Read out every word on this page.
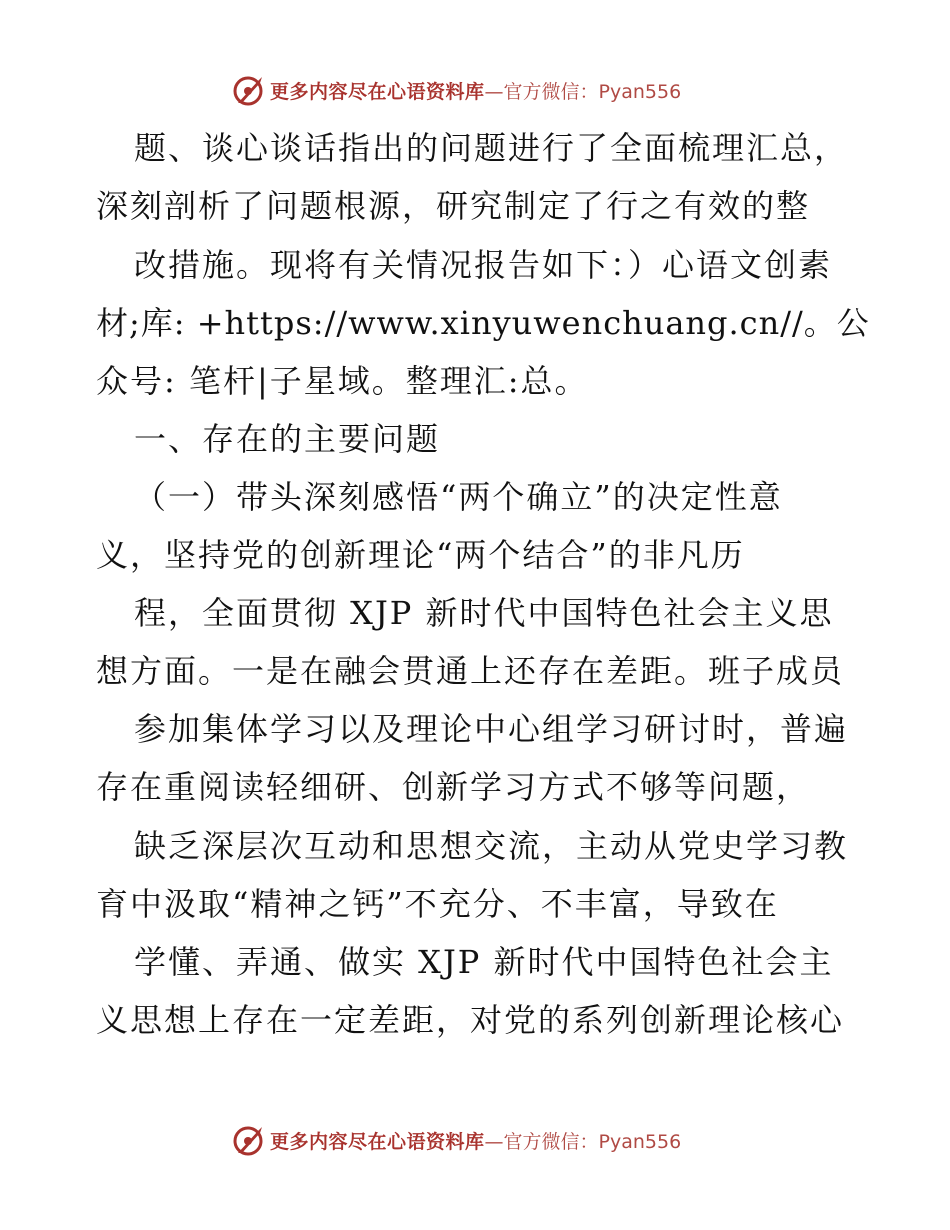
更多内容尽在心语资料库 —官方微信：Pyan556
题、谈心谈话指出的问题进行了全面梳理汇总，
深刻剖析了问题根源，研究制定了行之有效的整
改措施。现将有关情况报告如下：）心语文创素
材;库: +https://www.xinyuwenchuang.cn//。公
众号: 笔杆|子星域。整理汇:总。
一、存在的主要问题
（一）带头深刻感悟“两个确立”的决定性意
义，坚持党的创新理论“两个结合”的非凡历
程，全面贯彻 XJP 新时代中国特色社会主义思
想方面。一是在融会贯通上还存在差距。班子成员
参加集体学习以及理论中心组学习研讨时，普遍
存在重阅读轻细研、创新学习方式不够等问题，
缺乏深层次互动和思想交流，主动从党史学习教
育中汲取“精神之钙”不充分、不丰富，导致在
学懂、弄通、做实 XJP 新时代中国特色社会主
义思想上存在一定差距，对党的系列创新理论核心
更多内容尽在心语资料库 —官方微信：Pyan556
